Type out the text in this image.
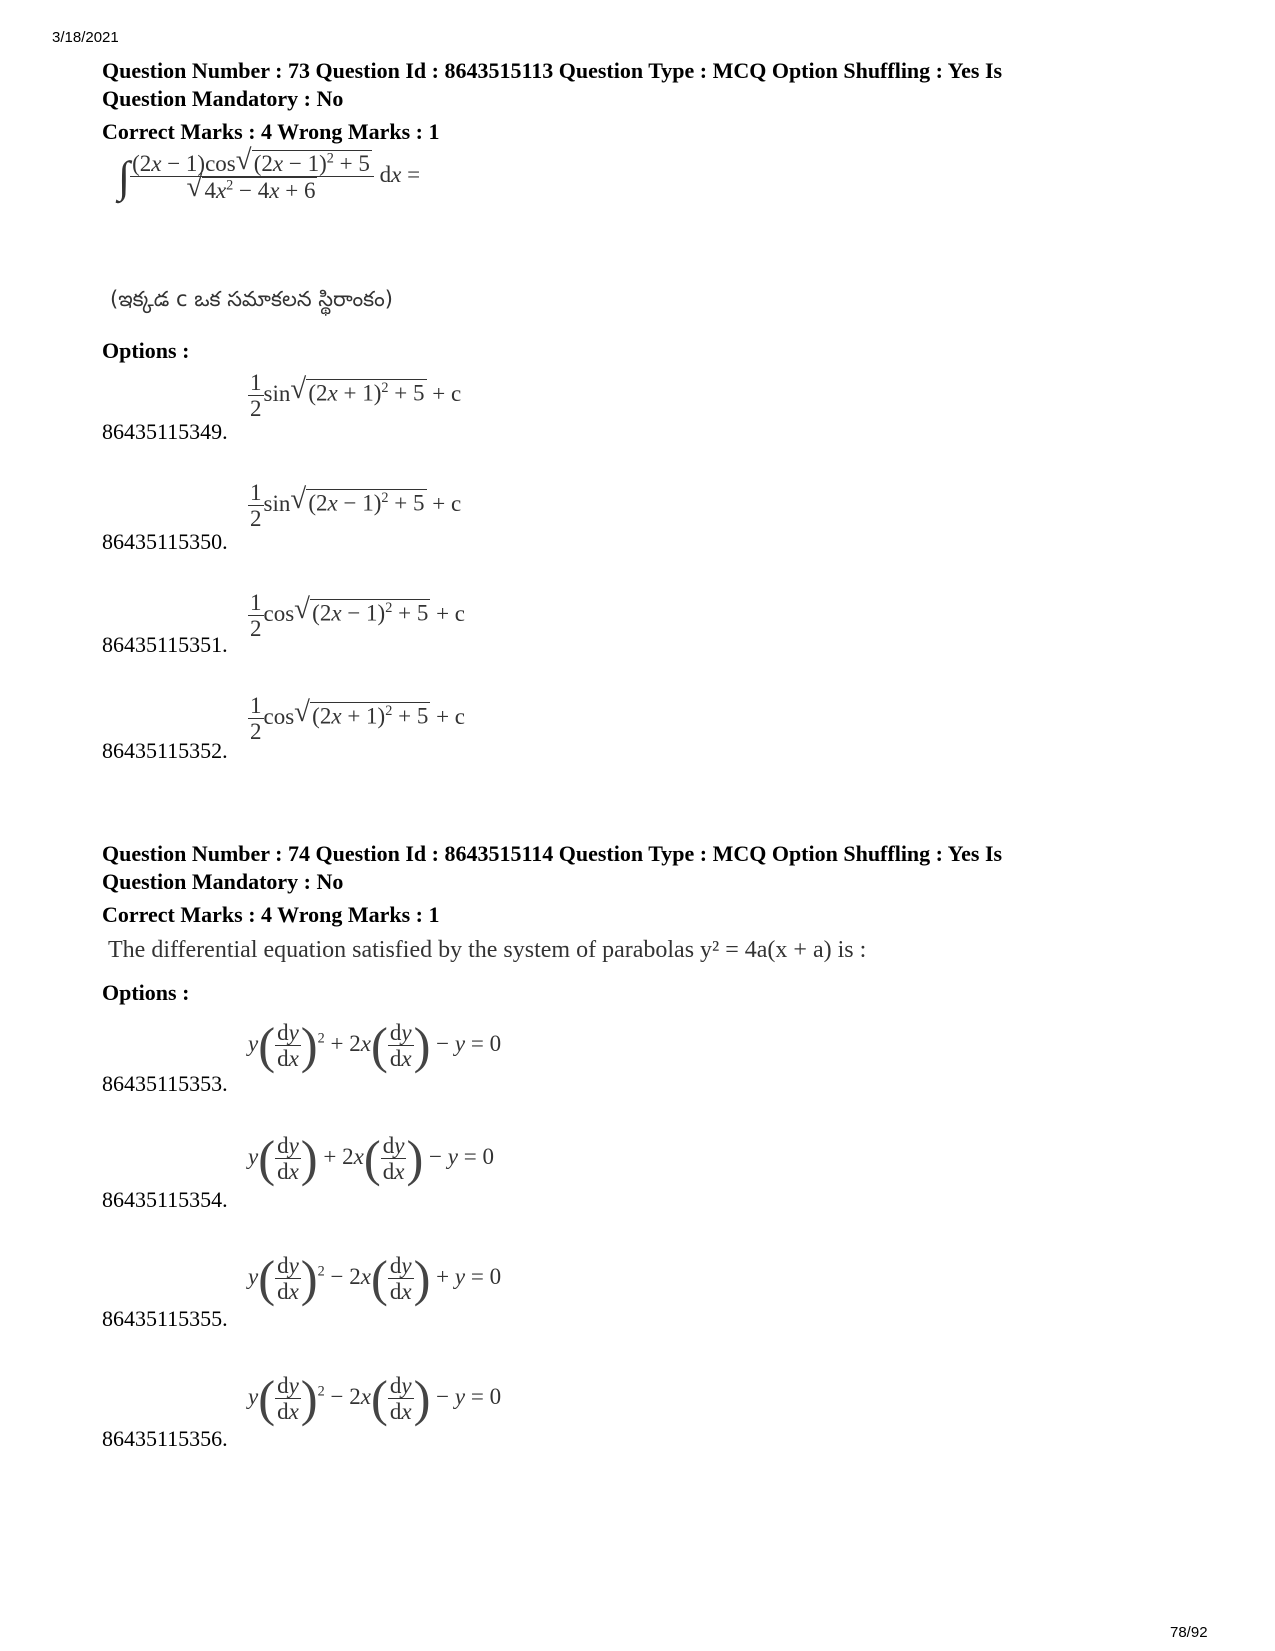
3/18/2021

Question Number : 73 Question Id : 8643515113 Question Type : MCQ Option Shuffling : Yes Is

Question Mandatory : No

Correct Marks : 4 Wrong Marks : 1
∫ $\frac{(2x - 1)\cos √ (2x - 1)^2 + 5}{√ 4x^2 - 4x + 6}$ dx =
(ఇక్కడ c ఒక సమాకలన స్థిరాంకం)
Options :
86435115349.
$\frac{1}{2}$ sin √ $(2x + 1)^2 + 5 + c$
86435115350.
$\frac{1}{2}$ sin √ $(2x - 1)^2 + 5 + c$
86435115351.
$\frac{1}{2}$ cos √ $(2x - 1)^2 + 5 + c$
86435115352.
$\frac{1}{2}$ cos √ $(2x + 1)^2 + 5 + c$

Question Number : 74 Question Id : 8643515114 Question Type : MCQ Option Shuffling : Yes Is

Question Mandatory : No

Correct Marks : 4 Wrong Marks : 1
The differential equation satisfied by the system of parabolas y² = 4a(x + a) is :
Options :
86435115353.
$y( \frac{dy}{dx} )^2 + 2x( \frac{dy}{dx}$ ) − y = 0
86435115354.
$y( \frac{dy}{dx}$ ) + $2x( \frac{dy}{dx}$ ) − y = 0
86435115355.
$y( \frac{dy}{dx} )^2 - 2x( \frac{dy}{dx}$ ) + y = 0
86435115356.
$y( \frac{dy}{dx} )^2 - 2x( \frac{dy}{dx}$ ) − y = 0
78/92
